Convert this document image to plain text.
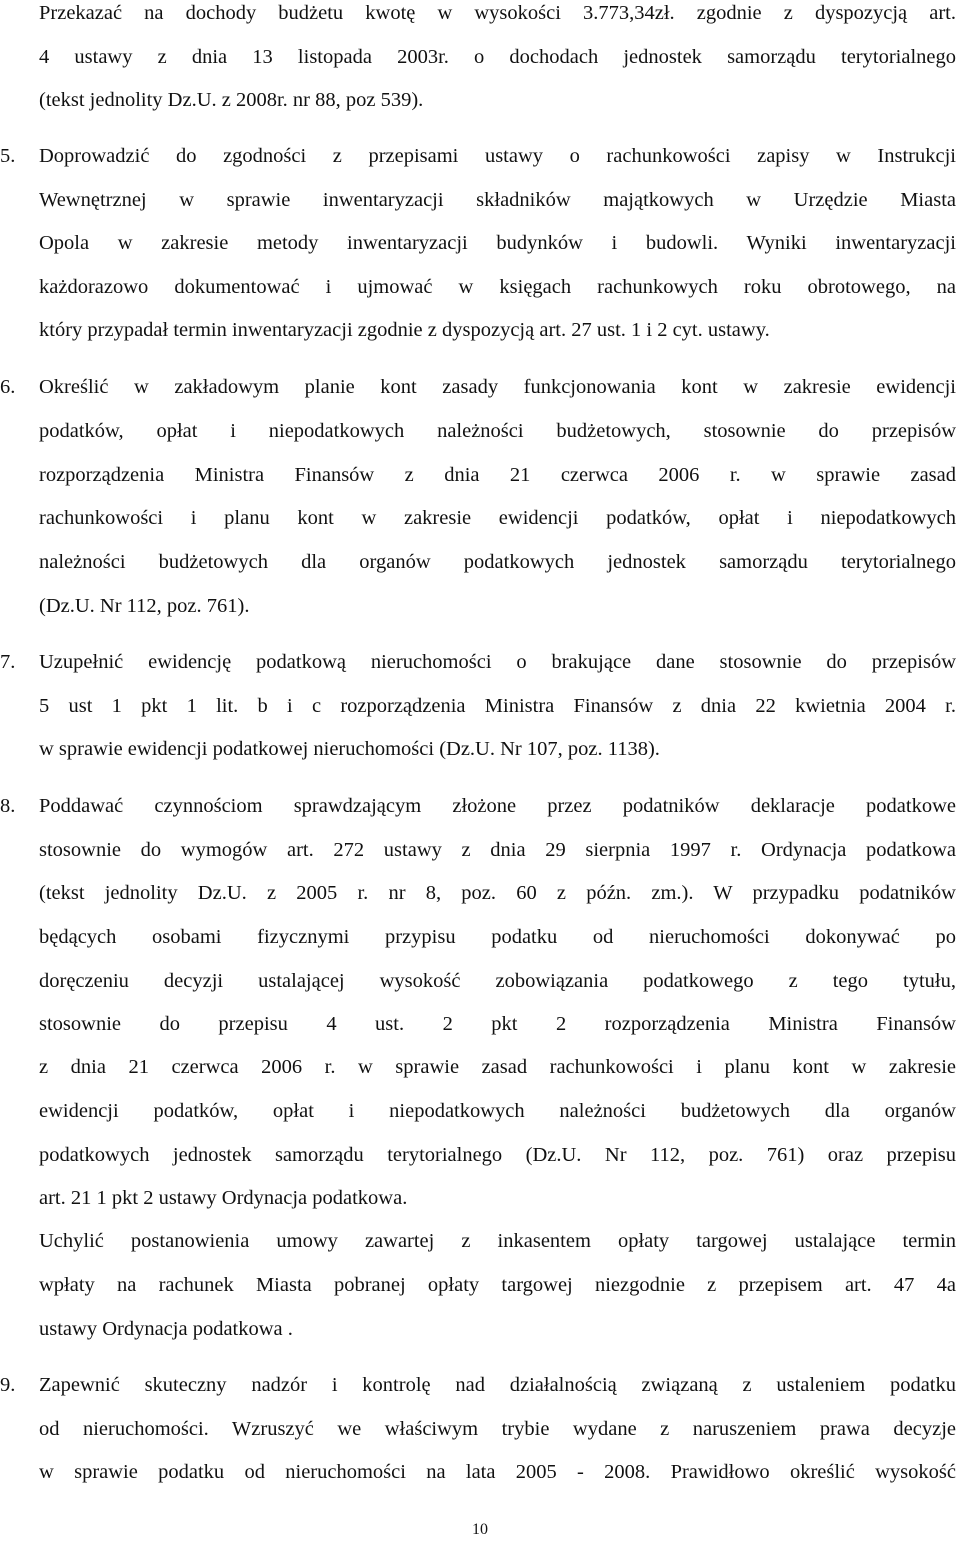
Przekazać na dochody budżetu kwotę w wysokości 3.773,34zł. zgodnie z dyspozycją art.
4 ustawy z dnia 13 listopada 2003r. o dochodach jednostek samorządu terytorialnego
(tekst jednolity Dz.U. z 2008r. nr 88, poz 539).
5.	Doprowadzić do zgodności z przepisami ustawy o rachunkowości zapisy w Instrukcji
Wewnętrznej w sprawie inwentaryzacji składników majątkowych w Urzędzie Miasta
Opola w zakresie metody inwentaryzacji budynków i budowli. Wyniki inwentaryzacji
każdorazowo dokumentować i ujmować w księgach rachunkowych roku obrotowego, na
który przypadał termin inwentaryzacji zgodnie z dyspozycją art. 27 ust. 1 i 2 cyt. ustawy.
6.	Określić w zakładowym planie kont zasady funkcjonowania kont w zakresie ewidencji
podatków, opłat i niepodatkowych należności budżetowych, stosownie do przepisów
rozporządzenia Ministra Finansów z dnia 21 czerwca 2006 r. w sprawie zasad
rachunkowości i planu kont w zakresie ewidencji podatków, opłat i niepodatkowych
należności budżetowych dla organów podatkowych jednostek samorządu terytorialnego
(Dz.U. Nr 112, poz. 761).
7.	Uzupełnić ewidencję podatkową nieruchomości o brakujące dane stosownie do przepisów
5 ust 1 pkt 1 lit. b i c rozporządzenia Ministra Finansów z dnia 22 kwietnia 2004 r.
w sprawie ewidencji podatkowej nieruchomości (Dz.U. Nr 107, poz. 1138).
8.	Poddawać czynnościom sprawdzającym złożone przez podatników deklaracje podatkowe
stosownie do wymogów art. 272 ustawy z dnia 29 sierpnia 1997 r. Ordynacja podatkowa
(tekst jednolity Dz.U. z 2005 r. nr 8, poz. 60 z późn. zm.). W przypadku podatników
będących osobami fizycznymi przypisu podatku od nieruchomości dokonywać po
doręczeniu decyzji ustalającej wysokość zobowiązania podatkowego z tego tytułu,
stosownie do przepisu 4 ust. 2 pkt 2 rozporządzenia Ministra Finansów
z dnia 21 czerwca 2006 r. w sprawie zasad rachunkowości i planu kont w zakresie
ewidencji podatków, opłat i niepodatkowych należności budżetowych dla organów
podatkowych jednostek samorządu terytorialnego (Dz.U. Nr 112, poz. 761) oraz przepisu
art. 21 1 pkt 2 ustawy Ordynacja podatkowa.
Uchylić postanowienia umowy zawartej z inkasentem opłaty targowej ustalające termin
wpłaty na rachunek Miasta pobranej opłaty targowej niezgodnie z przepisem art. 47 4a
ustawy Ordynacja podatkowa .
9.	Zapewnić skuteczny nadzór i kontrolę nad działalnością związaną z ustaleniem podatku
od nieruchomości. Wzruszyć we właściwym trybie wydane z naruszeniem prawa decyzje
w sprawie podatku od nieruchomości na lata 2005 - 2008. Prawidłowo określić wysokość
10
